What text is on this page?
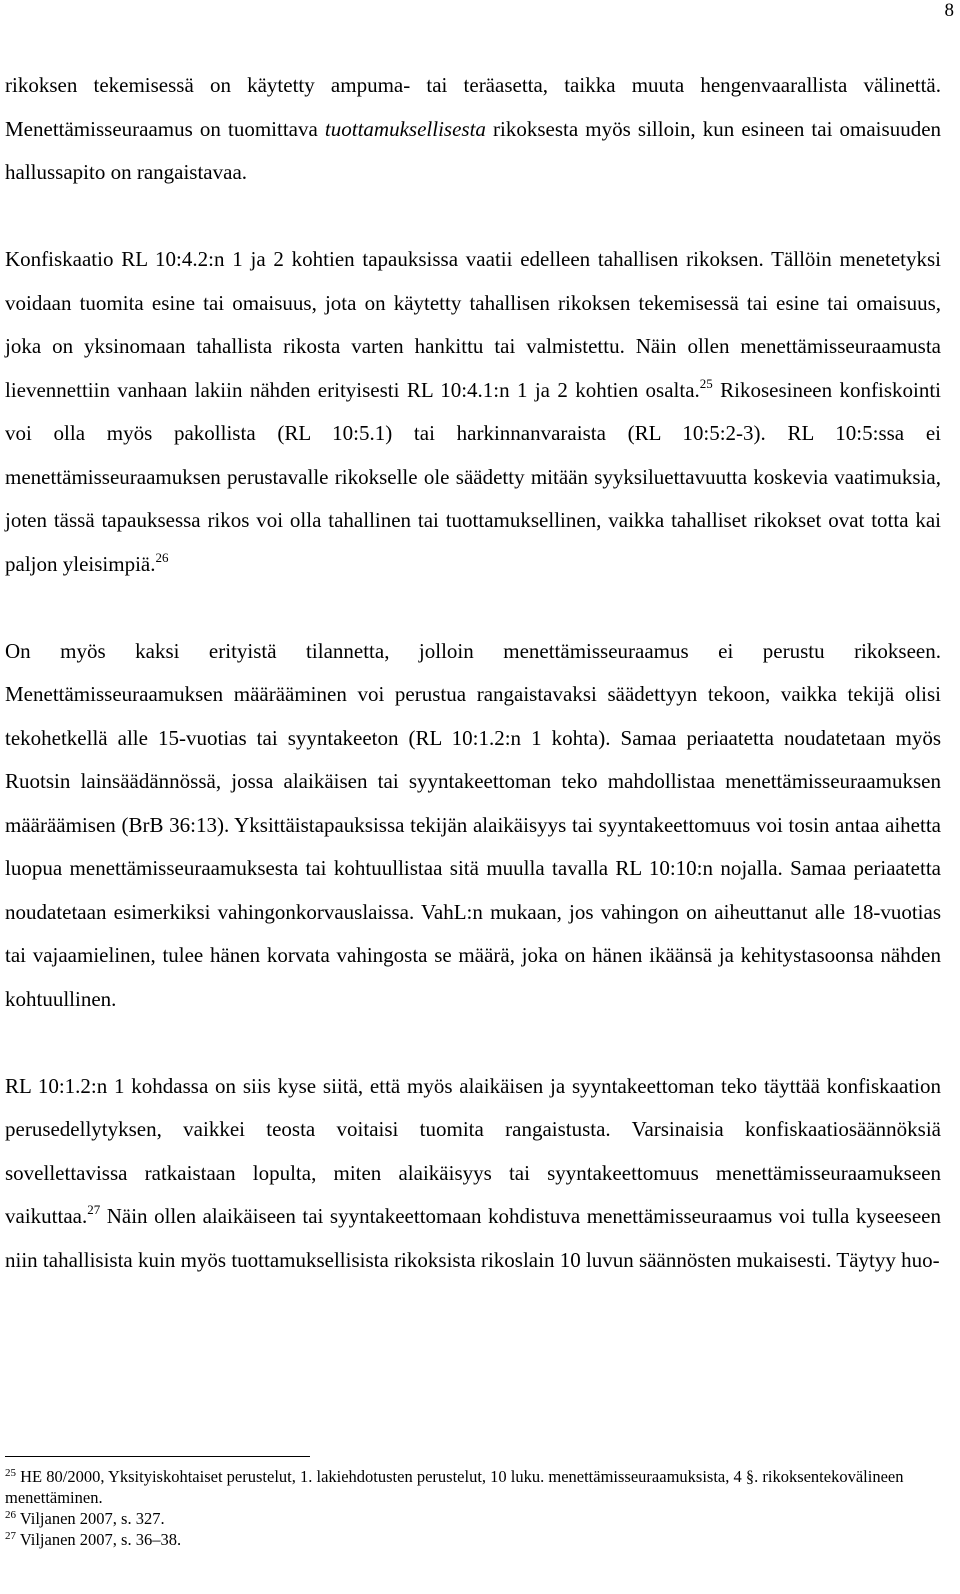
8

rikoksen tekemisessä on käytetty ampuma- tai teräasetta, taikka muuta hengenvaarallista välinettä. Menettämisseuraamus on tuomittava tuottamuksellisesta rikoksesta myös silloin, kun esineen tai omaisuuden hallussapito on rangaistavaa.

Konfiskaatio RL 10:4.2:n 1 ja 2 kohtien tapauksissa vaatii edelleen tahallisen rikoksen. Tällöin menetetyksi voidaan tuomita esine tai omaisuus, jota on käytetty tahallisen rikoksen tekemisessä tai esine tai omaisuus, joka on yksinomaan tahallista rikosta varten hankittu tai valmistettu. Näin ollen menettämisseuraamusta lievennettiin vanhaan lakiin nähden erityisesti RL 10:4.1:n 1 ja 2 kohtien osalta.$^{25}$ Rikosesineen konfiskointi voi olla myös pakollista (RL 10:5.1) tai harkinnanvaraista (RL 10:5:2-3). RL 10:5:ssa ei menettämisseuraamuksen perustavalle rikokselle ole säädetty mitään syyksiluettavuutta koskevia vaatimuksia, joten tässä tapauksessa rikos voi olla tahallinen tai tuottamuksellinen, vaikka tahalliset rikokset ovat totta kai paljon yleisimpiä.$^{26}$

On myös kaksi erityistä tilannetta, jolloin menettämisseuraamus ei perustu rikokseen. Menettämisseuraamuksen määrääminen voi perustua rangaistavaksi säädettyyn tekoon, vaikka tekijä olisi tekohetkellä alle 15-vuotias tai syyntakeeton (RL 10:1.2:n 1 kohta). Samaa periaatetta noudatetaan myös Ruotsin lainsäädännössä, jossa alaikäisen tai syyntakeettoman teko mahdollistaa menettämisseuraamuksen määräämisen (BrB 36:13). Yksittäistapauksissa tekijän alaikäisyys tai syyntakeettomuus voi tosin antaa aihetta luopua menettämisseuraamuksesta tai kohtuullistaa sitä muulla tavalla RL 10:10:n nojalla. Samaa periaatetta noudatetaan esimerkiksi vahingonkorvauslaissa. VahL:n mukaan, jos vahingon on aiheuttanut alle 18-vuotias tai vajaamielinen, tulee hänen korvata vahingosta se määrä, joka on hänen ikäänsä ja kehitystasoonsa nähden kohtuullinen.

RL 10:1.2:n 1 kohdassa on siis kyse siitä, että myös alaikäisen ja syyntakeettoman teko täyttää konfiskaation perusedellytyksen, vaikkei teosta voitaisi tuomita rangaistusta. Varsinaisia konfiskaatiosäännöksiä sovellettavissa ratkaistaan lopulta, miten alaikäisyys tai syyntakeettomuus menettämisseuraamukseen vaikuttaa.$^{27}$ Näin ollen alaikäiseen tai syyntakeettomaan kohdistuva menettämisseuraamus voi tulla kyseeseen niin tahallisista kuin myös tuottamuksellisista rikoksista rikoslain 10 luvun säännösten mukaisesti. Täytyy huo-

$^{25}$ HE 80/2000, Yksityiskohtaiset perustelut, 1. lakiehdotusten perustelut, 10 luku. menettämisseuraamuksista, 4 §. rikoksentekovälineen menettäminen.

$^{26}$ Viljanen 2007, s. 327.

$^{27}$ Viljanen 2007, s. 36–38.
